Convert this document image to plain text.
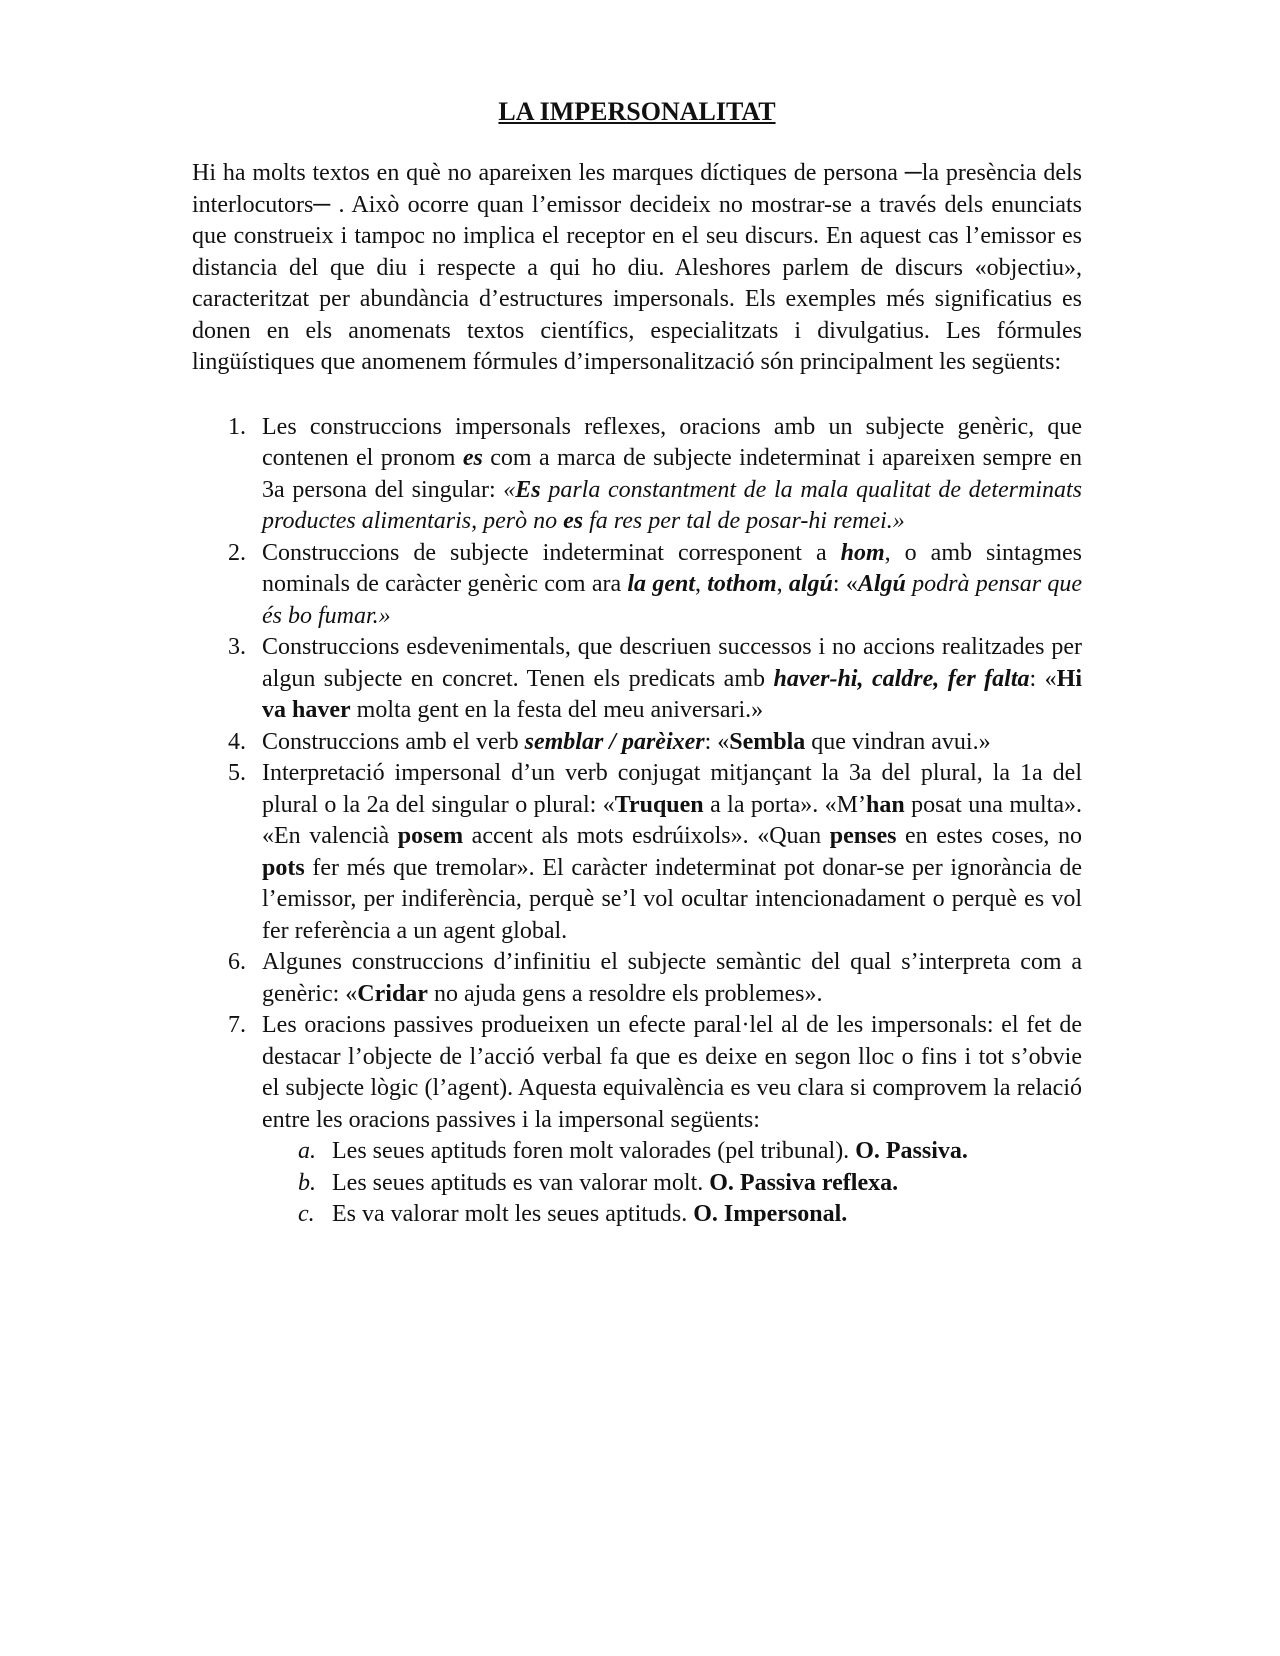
LA IMPERSONALITAT

Hi ha molts textos en què no apareixen les marques díctiques de persona ─la presència dels interlocutors─ . Això ocorre quan l’emissor decideix no mostrar-se a través dels enunciats que construeix i tampoc no implica el receptor en el seu discurs. En aquest cas l’emissor es distancia del que diu i respecte a qui ho diu. Aleshores parlem de discurs «objectiu», caracteritzat per abundància d’estructures impersonals. Els exemples més significatius es donen en els anomenats textos científics, especialitzats i divulgatius. Les fórmules lingüístiques que anomenem fórmules d’impersonalització són principalment les següents:

1. Les construccions impersonals reflexes, oracions amb un subjecte genèric, que contenen el pronom es com a marca de subjecte indeterminat i apareixen sempre en 3a persona del singular: «Es parla constantment de la mala qualitat de determinats productes alimentaris, però no es fa res per tal de posar-hi remei.»
2. Construccions de subjecte indeterminat corresponent a hom, o amb sintagmes nominals de caràcter genèric com ara la gent, tothom, algú: «Algú podrà pensar que és bo fumar.»
3. Construccions esdevenimentals, que descriuen successos i no accions realitzades per algun subjecte en concret. Tenen els predicats amb haver-hi, caldre, fer falta: «Hi va haver molta gent en la festa del meu aniversari.»
4. Construccions amb el verb semblar / parèixer: «Sembla que vindran avui.»
5. Interpretació impersonal d’un verb conjugat mitjançant la 3a del plural, la 1a del plural o la 2a del singular o plural: «Truquen a la porta». «M’han posat una multa». «En valencià posem accent als mots esdrúixols». «Quan penses en estes coses, no pots fer més que tremolar». El caràcter indeterminat pot donar-se per ignorància de l’emissor, per indiferència, perquè se’l vol ocultar intencionadament o perquè es vol fer referència a un agent global.
6. Algunes construccions d’infinitiu el subjecte semàntic del qual s’interpreta com a genèric: «Cridar no ajuda gens a resoldre els problemes».
7. Les oracions passives produeixen un efecte paral·lel al de les impersonals: el fet de destacar l’objecte de l’acció verbal fa que es deixe en segon lloc o fins i tot s’obvie el subjecte lògic (l’agent). Aquesta equivalència es veu clara si comprovem la relació entre les oracions passives i la impersonal següents:
a. Les seues aptituds foren molt valorades (pel tribunal). O. Passiva.
b. Les seues aptituds es van valorar molt. O. Passiva reflexa.
c. Es va valorar molt les seues aptituds. O. Impersonal.
